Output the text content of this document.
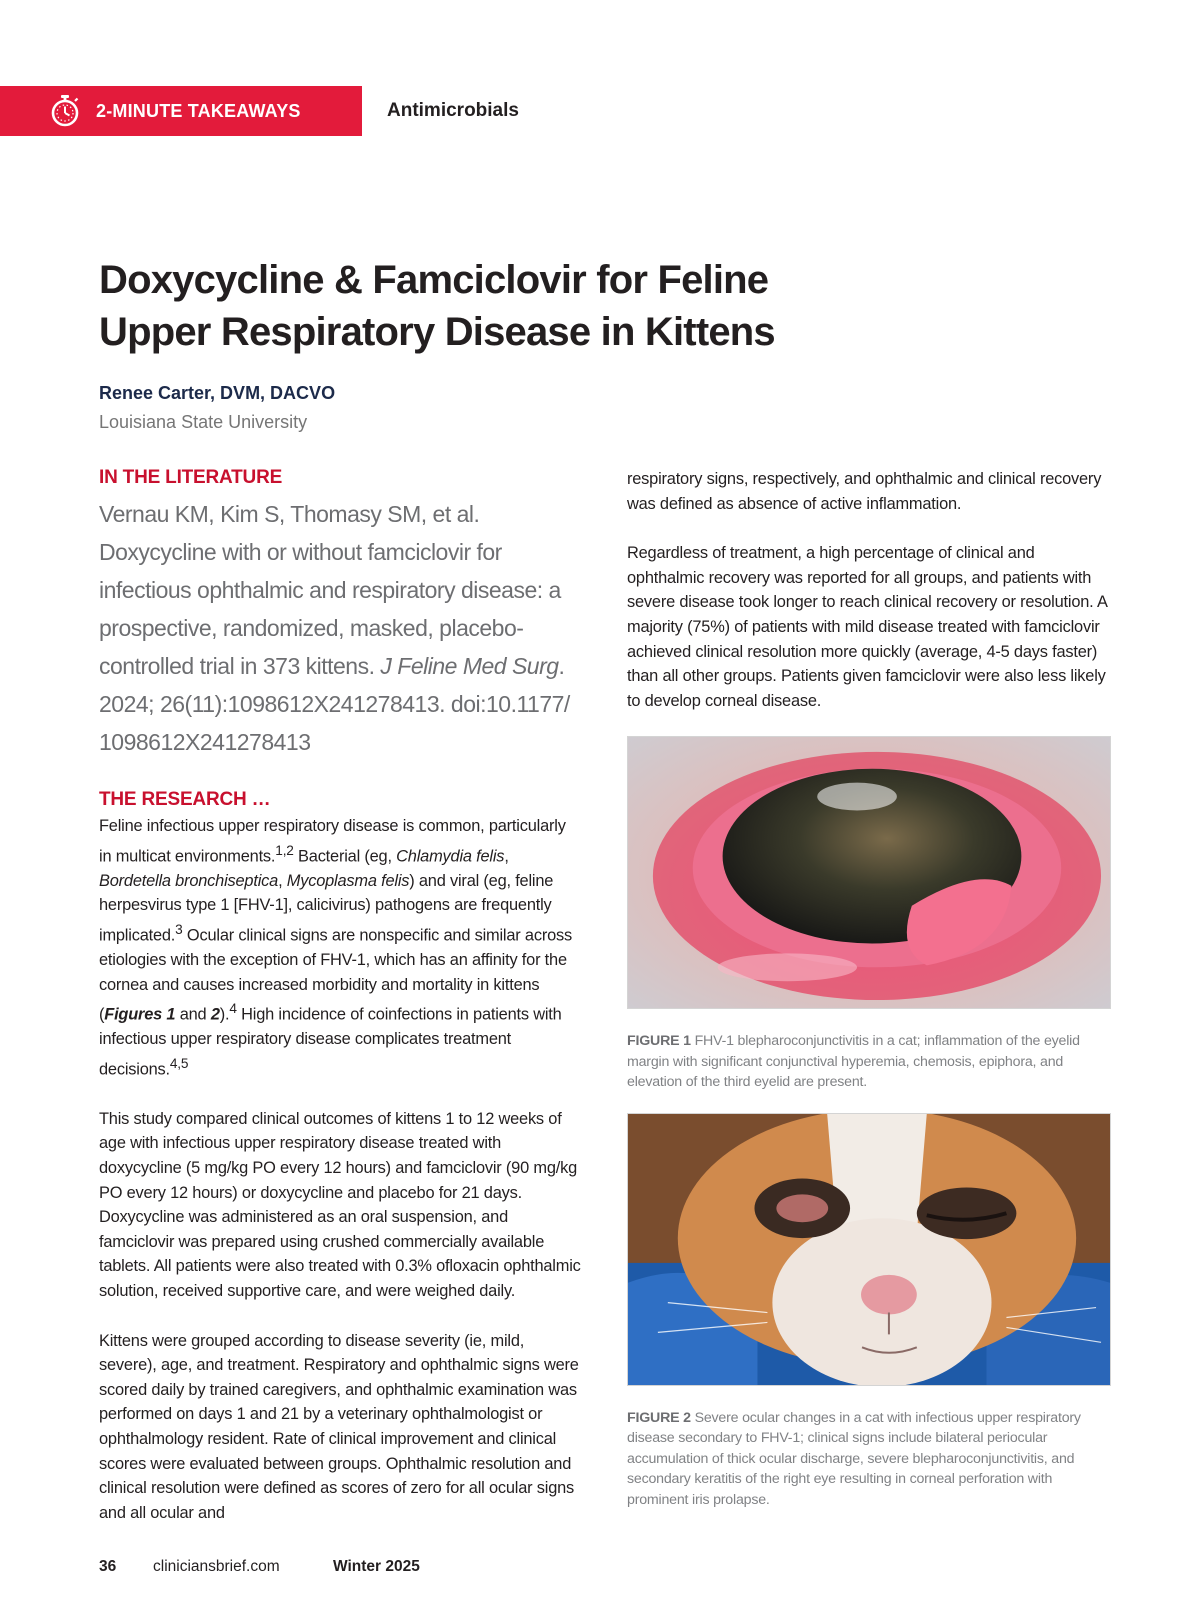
2-MINUTE TAKEAWAYS	Antimicrobials
Doxycycline & Famciclovir for Feline
Upper Respiratory Disease in Kittens
Renee Carter, DVM, DACVO
Louisiana State University
IN THE LITERATURE

Vernau KM, Kim S, Thomasy SM, et al. Doxycycline with or without famciclovir for infectious ophthalmic and respiratory disease: a prospective, randomized, masked, placebo-controlled trial in 373 kittens. J Feline Med Surg. 2024; 26(11):1098612X241278413. doi:10.1177/ 1098612X241278413

THE RESEARCH …

Feline infectious upper respiratory disease is common, particularly in multicat environments.$^{1,2}$ Bacterial (eg, Chlamydia felis, Bordetella bronchiseptica, Mycoplasma felis) and viral (eg, feline herpesvirus type 1 [FHV-1], calicivirus) pathogens are frequently implicated.$^3$ Ocular clinical signs are nonspecific and similar across etiologies with the exception of FHV-1, which has an affinity for the cornea and causes increased morbidity and mortality in kittens (Figures 1 and 2).$^4$ High incidence of coinfections in patients with infectious upper respiratory disease complicates treatment decisions.$^{4,5}$

This study compared clinical outcomes of kittens 1 to 12 weeks of age with infectious upper respiratory disease treated with doxycycline (5 mg/kg PO every 12 hours) and famciclovir (90 mg/kg PO every 12 hours) or doxycycline and placebo for 21 days. Doxycycline was administered as an oral suspension, and famciclovir was prepared using crushed commercially available tablets. All patients were also treated with 0.3% ofloxacin ophthalmic solution, received supportive care, and were weighed daily.

Kittens were grouped according to disease severity (ie, mild, severe), age, and treatment. Respiratory and ophthalmic signs were scored daily by trained caregivers, and ophthalmic examination was performed on days 1 and 21 by a veterinary ophthalmologist or ophthalmology resident. Rate of clinical improvement and clinical scores were evaluated between groups. Ophthalmic resolution and clinical resolution were defined as scores of zero for all ocular signs and all ocular and

respiratory signs, respectively, and ophthalmic and clinical recovery was defined as absence of active inflammation.

Regardless of treatment, a high percentage of clinical and ophthalmic recovery was reported for all groups, and patients with severe disease took longer to reach clinical recovery or resolution. A majority (75%) of patients with mild disease treated with famciclovir achieved clinical resolution more quickly (average, 4-5 days faster) than all other groups. Patients given famciclovir were also less likely to develop corneal disease.

FIGURE 1 FHV-1 blepharoconjunctivitis in a cat; inflammation of the eyelid margin with significant conjunctival hyperemia, chemosis, epiphora, and elevation of the third eyelid are present.
FIGURE 2 Severe ocular changes in a cat with infectious upper respiratory disease secondary to FHV-1; clinical signs include bilateral periocular accumulation of thick ocular discharge, severe blepharoconjunctivitis, and secondary keratitis of the right eye resulting in corneal perforation with prominent iris prolapse.
36	cliniciansbrief.com	Winter 2025
